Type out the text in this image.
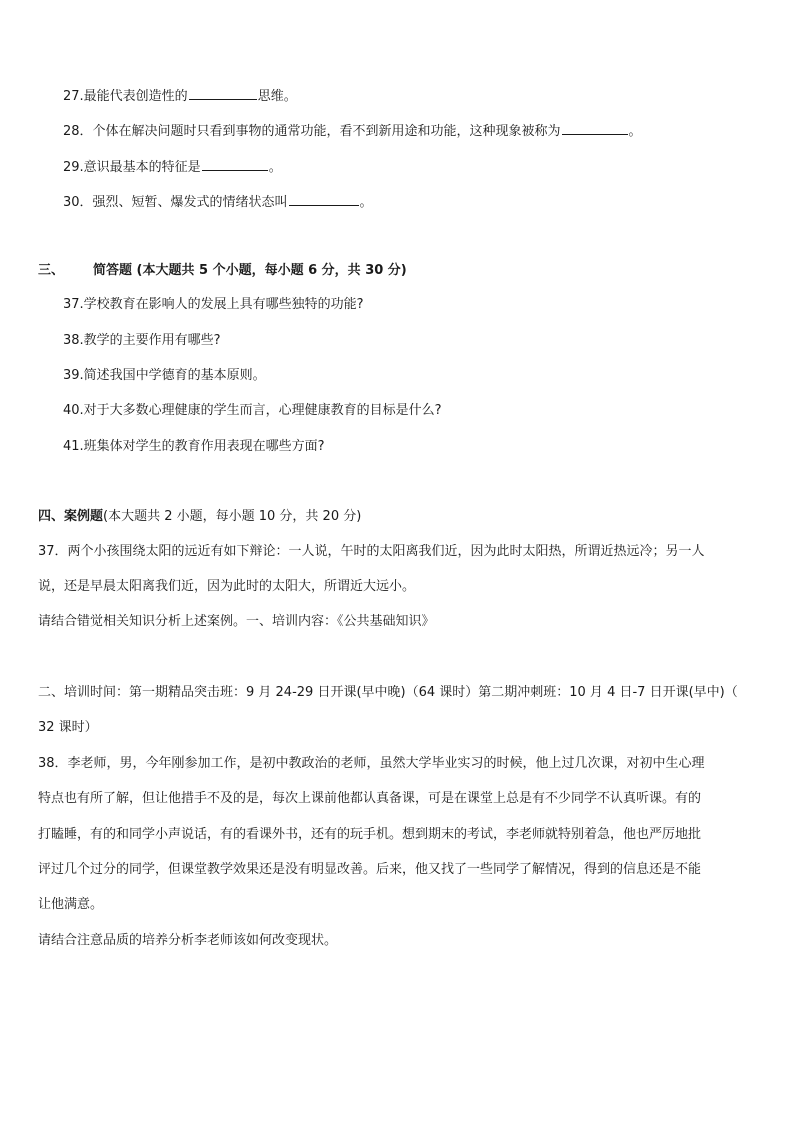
27.最能代表创造性的	思维。
28．个体在解决问题时只看到事物的通常功能，看不到新用途和功能，这种现象被称为	。
29.意识最基本的特征是	。
30．强烈、短暂、爆发式的情绪状态叫	。
三、 简答题 (本大题共 5 个小题，每小题 6 分，共 30 分)
37.学校教育在影响人的发展上具有哪些独特的功能?
38.教学的主要作用有哪些?
39.简述我国中学德育的基本原则。
40.对于大多数心理健康的学生而言，心理健康教育的目标是什么?
41.班集体对学生的教育作用表现在哪些方面?
四、案例题(本大题共 2 小题，每小题 10 分，共 20 分)
37．两个小孩围绕太阳的远近有如下辩论：一人说，午时的太阳离我们近，因为此时太阳热，所谓近热远冷；另一人
说，还是早晨太阳离我们近，因为此时的太阳大，所谓近大远小。
请结合错觉相关知识分析上述案例。一、培训内容：《公共基础知识》
二、培训时间：第一期精品突击班：9 月 24-29 日开课(早中晚)（64 课时）第二期冲刺班：10 月 4 日-7 日开课(早中)（
32 课时）
38．李老师，男，今年刚参加工作，是初中教政治的老师，虽然大学毕业实习的时候，他上过几次课，对初中生心理
特点也有所了解，但让他措手不及的是，每次上课前他都认真备课，可是在课堂上总是有不少同学不认真听课。有的
打瞌睡，有的和同学小声说话，有的看课外书，还有的玩手机。想到期末的考试，李老师就特别着急，他也严厉地批
评过几个过分的同学，但课堂教学效果还是没有明显改善。后来，他又找了一些同学了解情况，得到的信息还是不能
让他满意。
请结合注意品质的培养分析李老师该如何改变现状。
